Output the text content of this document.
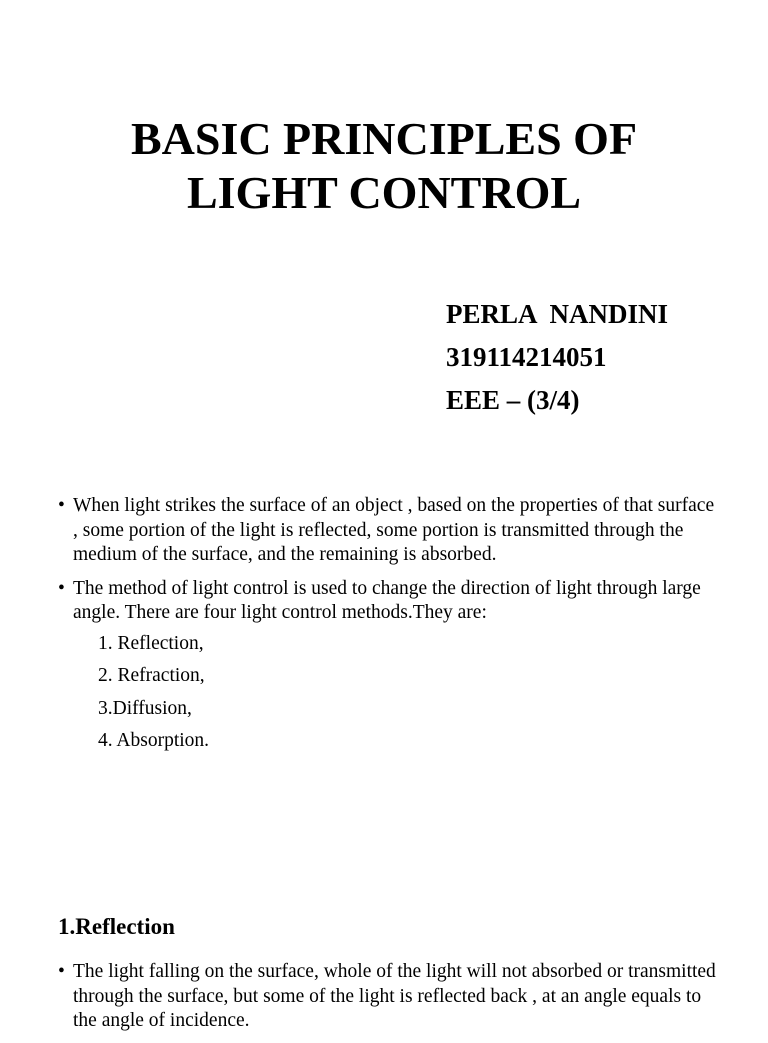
BASIC PRINCIPLES OF
LIGHT CONTROL
PERLA  NANDINI
319114214051
EEE – (3/4)
• When light strikes the surface of an object , based on the properties of that surface , some portion of the light is reflected, some portion is transmitted through the medium of the surface, and the remaining is absorbed.
• The method of light control is used to change the direction of light through large angle. There are four light control methods.They are:
1. Reflection,
2. Refraction,
3.Diffusion,
4. Absorption.
1.Reflection
• The light falling on the surface, whole of the light will not absorbed or transmitted through the surface, but some of the light is reflected back , at an angle equals to the angle of incidence.
